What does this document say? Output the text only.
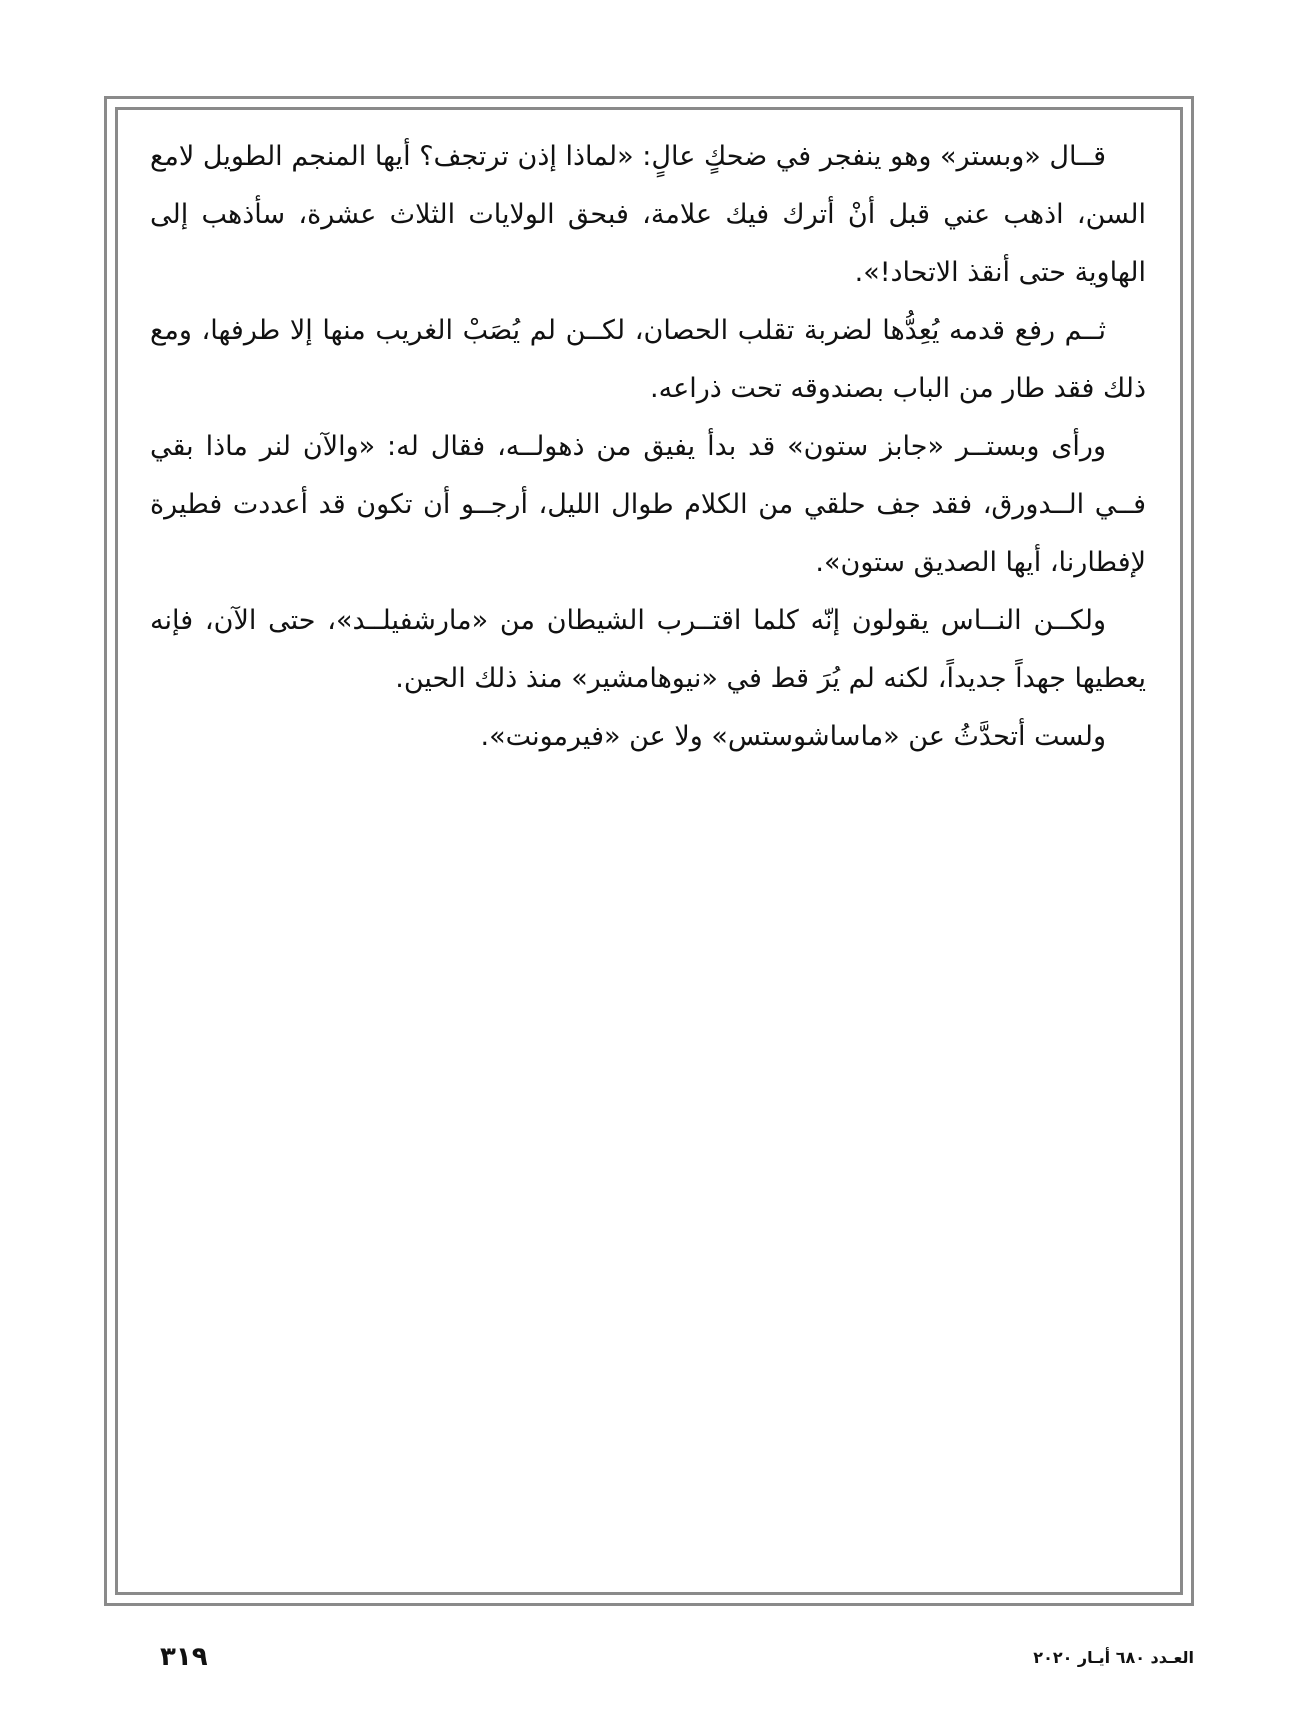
قــال «وبستر» وهو ينفجر في ضحكٍ عالٍ: «لماذا إذن ترتجف؟ أيها المنجم الطويل لامع السن، اذهب عني قبل أنْ أترك فيك علامة، فبحق الولايات الثلاث عشرة، سأذهب إلى الهاوية حتى أنقذ الاتحاد!».

ثــم رفع قدمه يُعِدُّها لضربة تقلب الحصان، لكــن لم يُصَبْ الغريب منها إلا طرفها، ومع ذلك فقد طار من الباب بصندوقه تحت ذراعه.

ورأى وبستــر «جابز ستون» قد بدأ يفيق من ذهولــه، فقال له: «والآن لنر ماذا بقي فــي الــدورق، فقد جف حلقي من الكلام طوال الليل، أرجــو أن تكون قد أعددت فطيرة لإفطارنا، أيها الصديق ستون».

ولكــن النــاس يقولون إنّه كلما اقتــرب الشيطان من «مارشفيلــد»، حتى الآن، فإنه يعطيها جهداً جديداً، لكنه لم يُرَ قط في «نيوهامشير» منذ ذلك الحين.

ولست أتحدَّثُ عن «ماساشوستس» ولا عن «فيرمونت».

٣١٩	العـدد ٦٨٠ أيـار ٢٠٢٠
